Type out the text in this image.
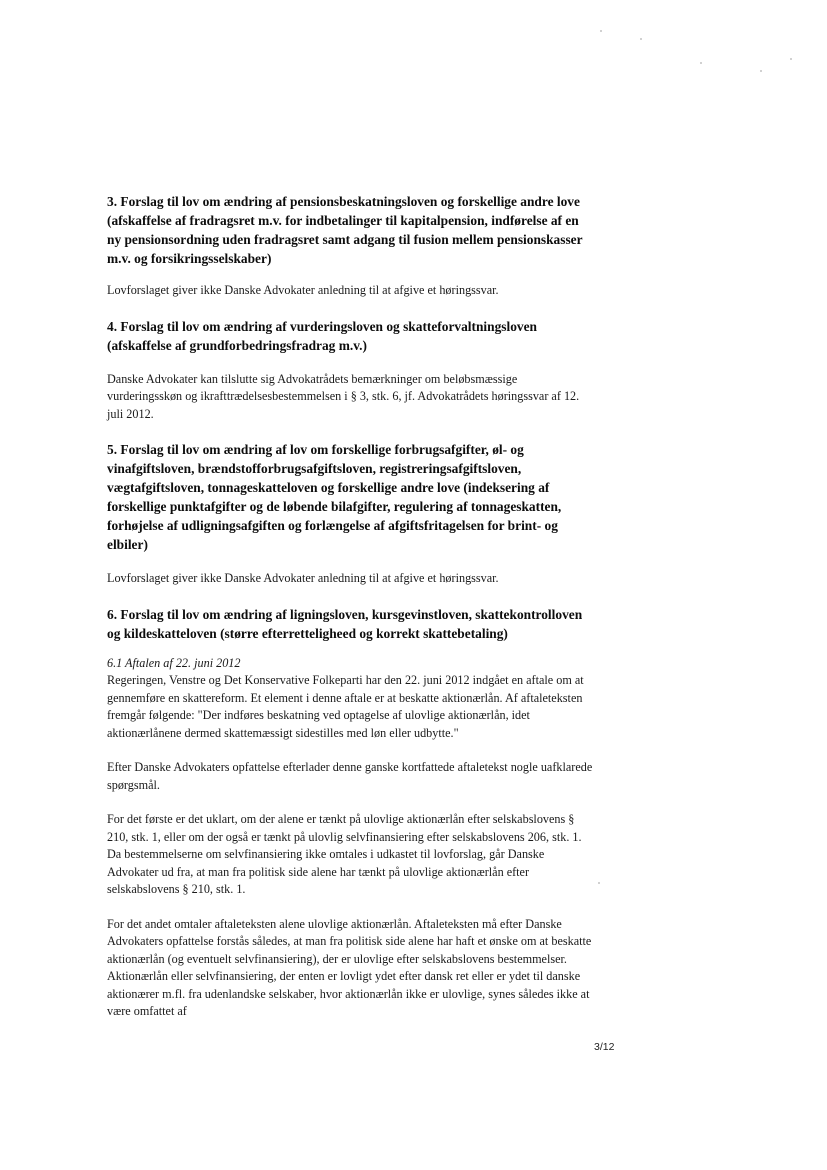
3. Forslag til lov om ændring af pensionsbeskatningsloven og forskellige andre love (afskaffelse af fradragsret m.v. for indbetalinger til kapitalpension, indførelse af en ny pensionsordning uden fradragsret samt adgang til fusion mellem pensionskasser m.v. og forsikringsselskaber)

Lovforslaget giver ikke Danske Advokater anledning til at afgive et høringssvar.

4. Forslag til lov om ændring af vurderingsloven og skatteforvaltningsloven (afskaffelse af grundforbedringsfradrag m.v.)

Danske Advokater kan tilslutte sig Advokatrådets bemærkninger om beløbsmæssige vurderingsskøn og ikrafttrædelsesbestemmelsen i § 3, stk. 6, jf. Advokatrådets høringssvar af 12. juli 2012.

5. Forslag til lov om ændring af lov om forskellige forbrugsafgifter, øl- og vinafgiftsloven, brændstofforbrugsafgiftsloven, registreringsafgiftsloven, vægtafgiftsloven, tonnageskatteloven og forskellige andre love (indeksering af forskellige punktafgifter og de løbende bilafgifter, regulering af tonnageskatten, forhøjelse af udligningsafgiften og forlængelse af afgiftsfritagelsen for brint- og elbiler)

Lovforslaget giver ikke Danske Advokater anledning til at afgive et høringssvar.

6. Forslag til lov om ændring af ligningsloven, kursgevinstloven, skattekontrolloven og kildeskatteloven (større efterretteligheed og korrekt skattebetaling)

6.1 Aftalen af 22. juni 2012

Regeringen, Venstre og Det Konservative Folkeparti har den 22. juni 2012 indgået en aftale om at gennemføre en skattereform. Et element i denne aftale er at beskatte aktionærlån. Af aftaleteksten fremgår følgende: "Der indføres beskatning ved optagelse af ulovlige aktionærlån, idet aktionærlånene dermed skattemæssigt sidestilles med løn eller udbytte."

Efter Danske Advokaters opfattelse efterlader denne ganske kortfattede aftaletekst nogle uafklarede spørgsmål.

For det første er det uklart, om der alene er tænkt på ulovlige aktionærlån efter selskabslovens § 210, stk. 1, eller om der også er tænkt på ulovlig selvfinansiering efter selskabslovens 206, stk. 1. Da bestemmelserne om selvfinansiering ikke omtales i udkastet til lovforslag, går Danske Advokater ud fra, at man fra politisk side alene har tænkt på ulovlige aktionærlån efter selskabslovens § 210, stk. 1.

For det andet omtaler aftaleteksten alene ulovlige aktionærlån. Aftaleteksten må efter Danske Advokaters opfattelse forstås således, at man fra politisk side alene har haft et ønske om at beskatte aktionærlån (og eventuelt selvfinansiering), der er ulovlige efter selskabslovens bestemmelser. Aktionærlån eller selvfinansiering, der enten er lovligt ydet efter dansk ret eller er ydet til danske aktionærer m.fl. fra udenlandske selskaber, hvor aktionærlån ikke er ulovlige, synes således ikke at være omfattet af

3/12
